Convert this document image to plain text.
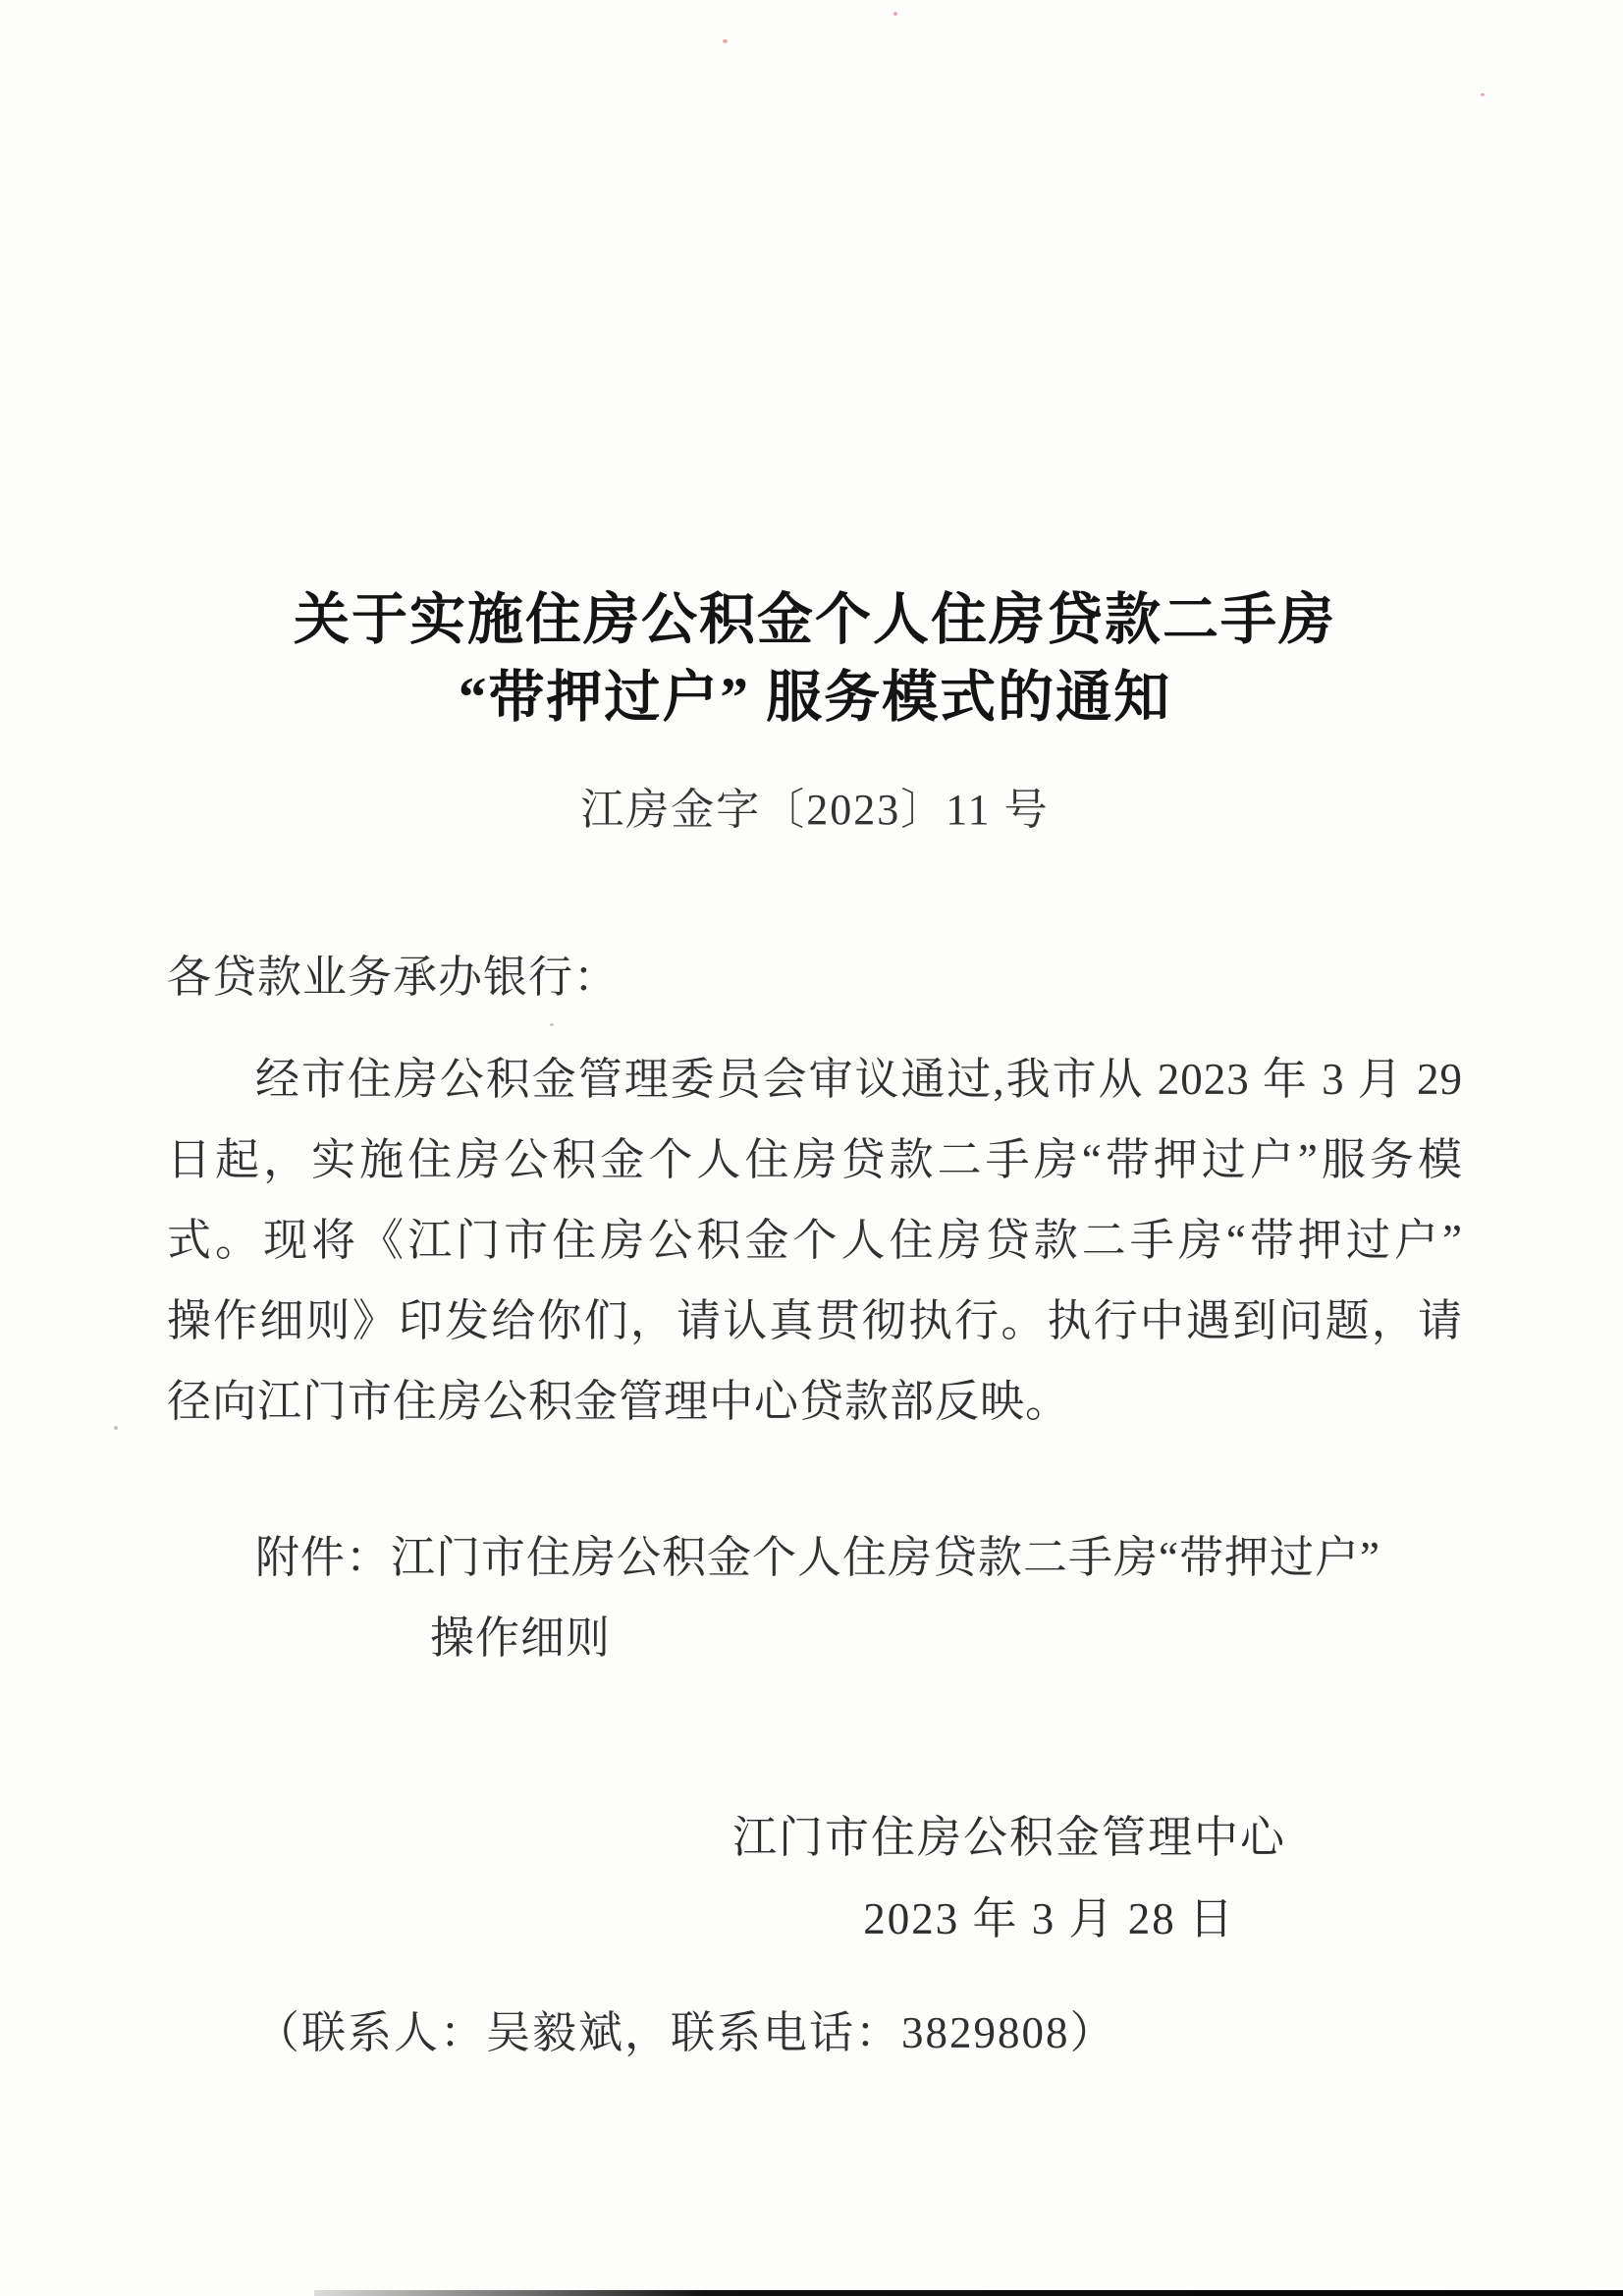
关于实施住房公积金个人住房贷款二手房
“带押过户” 服务模式的通知
江房金字〔2023〕11 号
各贷款业务承办银行：
经市住房公积金管理委员会审议通过,我市从 2023 年 3 月 29
日起，实施住房公积金个人住房贷款二手房“带押过户”服务模
式。现将《江门市住房公积金个人住房贷款二手房“带押过户”
操作细则》印发给你们，请认真贯彻执行。执行中遇到问题，请
径向江门市住房公积金管理中心贷款部反映。
附件：江门市住房公积金个人住房贷款二手房“带押过户”
操作细则
江门市住房公积金管理中心
2023 年 3 月 28 日
（联系人：吴毅斌，联系电话：3829808）
